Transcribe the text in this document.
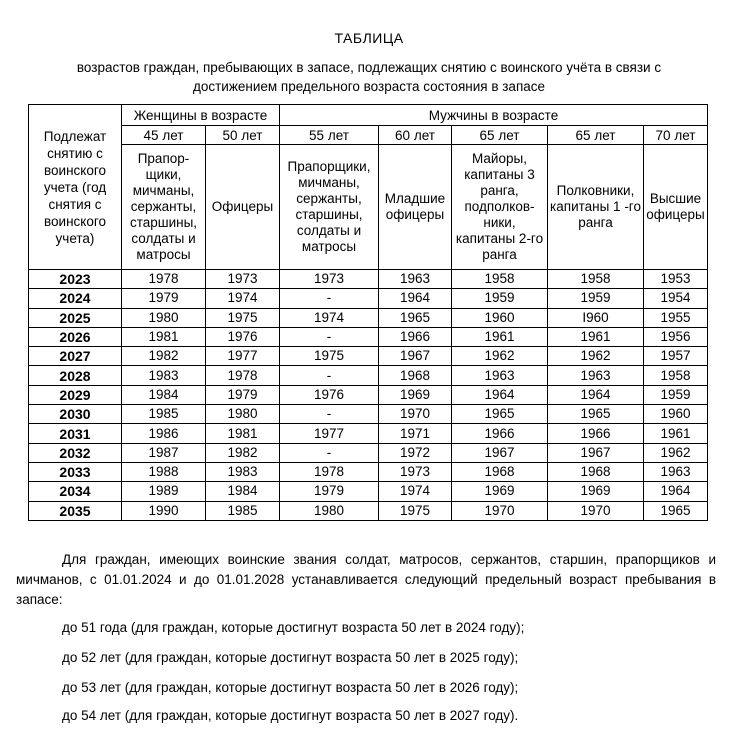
ТАБЛИЦА
возрастов граждан, пребывающих в запасе, подлежащих снятию с воинского учёта в связи с достижением предельного возраста состояния в запасе
Подлежат снятию с воинского учета (год снятия с воинского учета)	Женщины в возрасте		Мужчины в возрасте				
	45 лет	50 лет	55 лет	60 лет	65 лет	65 лет	70 лет
	Прапор-щики, мичманы, сержанты, старшины, солдаты и матросы	Офицеры	Прапорщики, мичманы, сержанты, старшины, солдаты и матросы	Младшие офицеры	Майоры, капитаны 3 ранга, подполков-ники, капитаны 2-го ранга	Полковники, капитаны 1 -го ранга	Высшие офицеры
2023	1978	1973	1973	1963	1958	1958	1953
2024	1979	1974	-	1964	1959	1959	1954
2025	1980	1975	1974	1965	1960	I960	1955
2026	1981	1976	-	1966	1961	1961	1956
2027	1982	1977	1975	1967	1962	1962	1957
2028	1983	1978	-	1968	1963	1963	1958
2029	1984	1979	1976	1969	1964	1964	1959
2030	1985	1980	-	1970	1965	1965	1960
2031	1986	1981	1977	1971	1966	1966	1961
2032	1987	1982	-	1972	1967	1967	1962
2033	1988	1983	1978	1973	1968	1968	1963
2034	1989	1984	1979	1974	1969	1969	1964
2035	1990	1985	1980	1975	1970	1970	1965
Для граждан, имеющих воинские звания солдат, матросов, сержантов, старшин, прапорщиков и мичманов, с 01.01.2024 и до 01.01.2028 устанавливается следующий предельный возраст пребывания в запасе:
до 51 года (для граждан, которые достигнут возраста 50 лет в 2024 году);
до 52 лет (для граждан, которые достигнут возраста 50 лет в 2025 году);
до 53 лет (для граждан, которые достигнут возраста 50 лет в 2026 году);
до 54 лет (для граждан, которые достигнут возраста 50 лет в 2027 году).
